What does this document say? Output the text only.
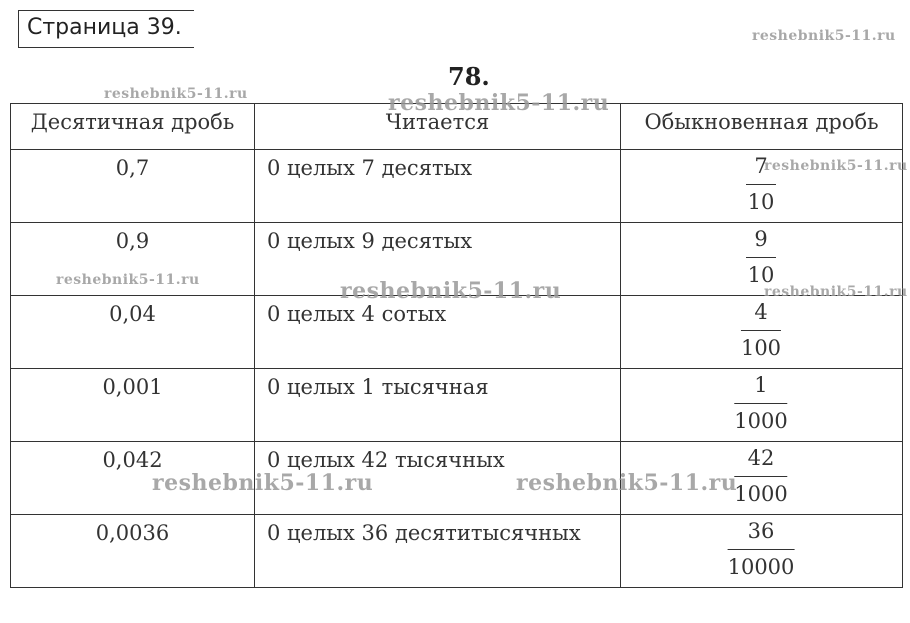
Страница 39.
78.
Десятичная дробь	Читается	Обыкновенная дробь
0,7	0 целых 7 десятых	7
10

0,9	0 целых 9 десятых	9
10

0,04	0 целых 4 сотых	4
100

0,001	0 целых 1 тысячная	1
1000

0,042	0 целых 42 тысячных	42
1000

0,0036	0 целых 36 десятитысячных	36
10000
reshebnik5-11.ru
reshebnik5-11.ru	reshebnik5-11.ru
reshebnik5-11.ru
reshebnik5-11.ru	reshebnik5-11.ru	reshebnik5-11.ru
reshebnik5-11.ru	reshebnik5-11.ru
